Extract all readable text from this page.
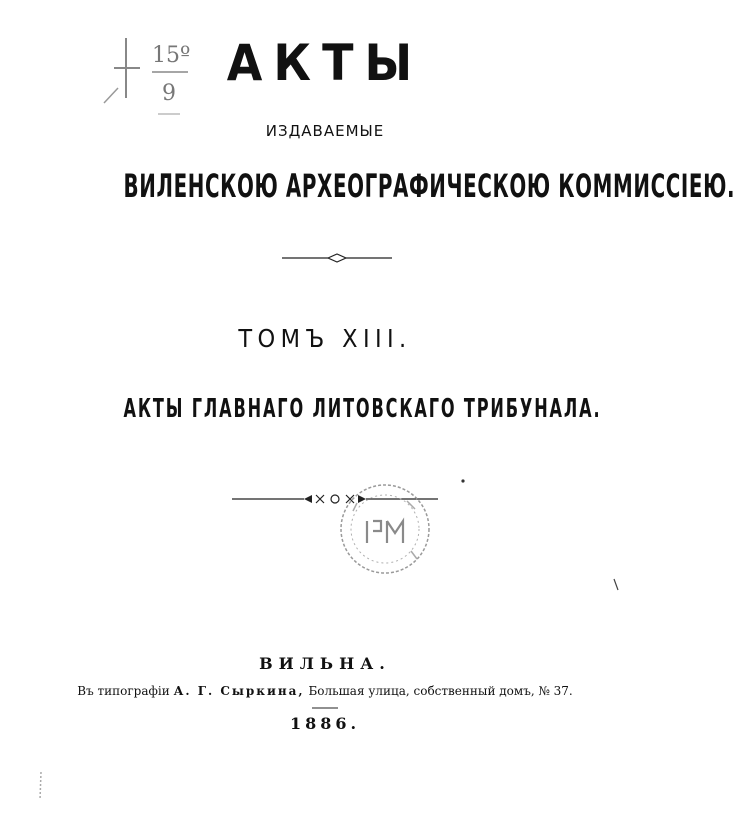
15º
9
АКТЫ
ИЗДАВАЕМЫЕ
ВИЛЕНСКОЮ АРХЕОГРАФИЧЕСКОЮ КОММИССІЕЮ.
ТОМЪ XIII.
АКТЫ ГЛАВНАГО ЛИТОВСКАГО ТРИБУНАЛА.
ВИЛЬНА.
Въ типографіи А. Г. Сыркина, Большая улица, собственный домъ, № 37.
1886.
